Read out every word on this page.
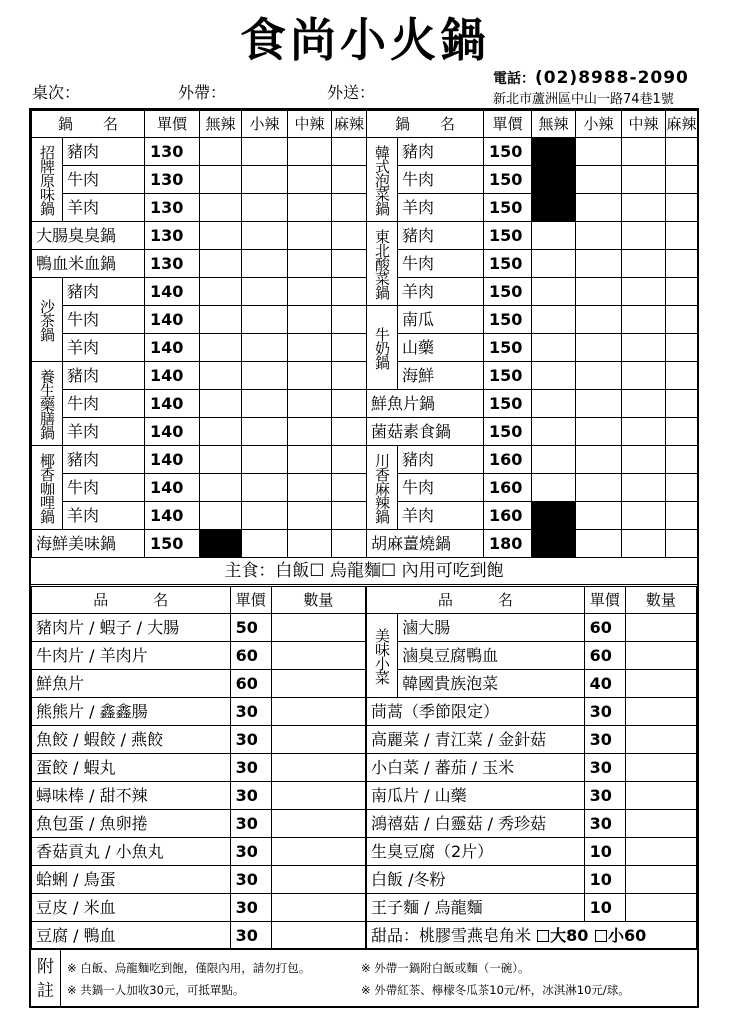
食尚小火鍋
桌次：	外帶：	外送：
電話：(02)8988-2090
新北市蘆洲區中山一路74巷1號
鍋　　名		單價	無辣	小辣	中辣	麻辣

招牌原味鍋	豬肉	130				
	牛肉	130				
	羊肉	130				
大腸臭臭鍋		130				
鴨血米血鍋		130				

沙茶鍋	豬肉	140				
	牛肉	140				
	羊肉	140				

養生藥膳鍋	豬肉	140				
	牛肉	140				
	羊肉	140				

椰香咖哩鍋	豬肉	140				
	牛肉	140				
	羊肉	140				
海鮮美味鍋		150				
鍋　　名		單價	無辣	小辣	中辣	麻辣

韓式泡菜鍋	豬肉	150				
	牛肉	150				
	羊肉	150				

東北酸菜鍋	豬肉	150				
	牛肉	150				
	羊肉	150				

牛奶鍋	南瓜	150				
	山藥	150				
	海鮮	150				
鮮魚片鍋		150				
菌菇素食鍋		150				

川香麻辣鍋	豬肉	160				
	牛肉	160				
	羊肉	160				
胡麻薑燒鍋		180				
主食：白飯☐ 烏龍麵☐ 內用可吃到飽
品　　　名	單價	數量
豬肉片 / 蝦子 / 大腸	50	
牛肉片 / 羊肉片	60	
鮮魚片	60	
熊熊片 / 鑫鑫腸	30	
魚餃 / 蝦餃 / 燕餃	30	
蛋餃 / 蝦丸	30	
蟳味棒 / 甜不辣	30	
魚包蛋 / 魚卵捲	30	
香菇貢丸 / 小魚丸	30	
蛤蜊 / 鳥蛋	30	
豆皮 / 米血	30	
豆腐 / 鴨血	30	
品　　　名		單價	數量

美味小菜	滷大腸	60	
	滷臭豆腐鴨血	60	
	韓國貴族泡菜	40	
茼蒿（季節限定）		30	
高麗菜 / 青江菜 / 金針菇		30	
小白菜 / 蕃茄 / 玉米		30	
南瓜片 / 山藥		30	
鴻禧菇 / 白靈菇 / 秀珍菇		30	
生臭豆腐（2片）		10	
白飯 /冬粉		10	
王子麵 / 烏龍麵		10	
甜品：桃膠雪燕皂角米 大80 小60			
附
註
※ 白飯、烏龍麵吃到飽，僅限內用，請勿打包。	※ 外帶一鍋附白飯或麵（一碗）。
※ 共鍋一人加收30元，可抵單點。	※ 外帶紅茶、檸檬冬瓜茶10元/杯，冰淇淋10元/球。
